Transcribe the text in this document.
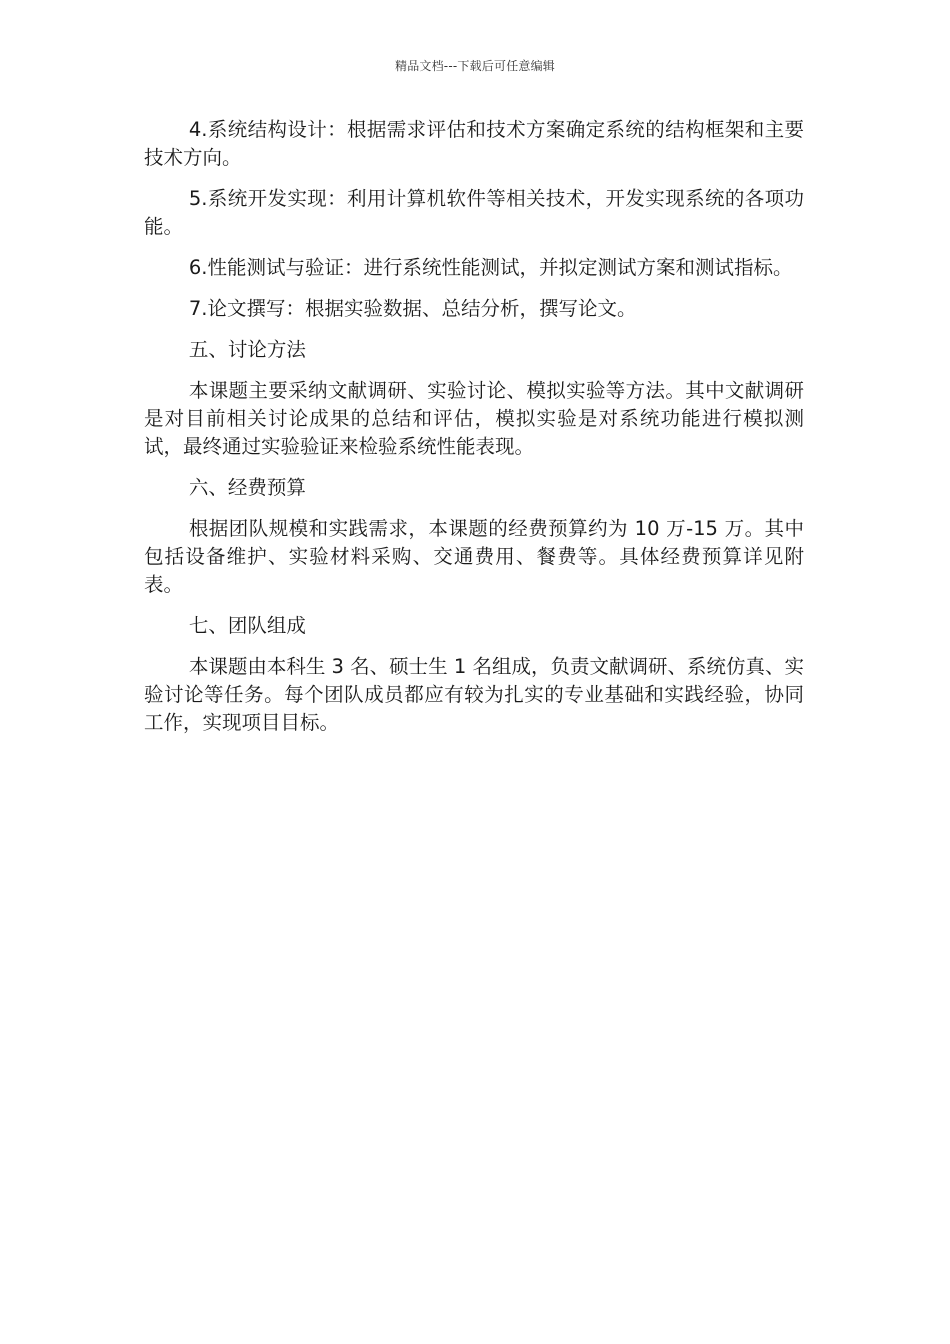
精品文档---下载后可任意编辑

4.系统结构设计：根据需求评估和技术方案确定系统的结构框架和主要技术方向。

5.系统开发实现：利用计算机软件等相关技术，开发实现系统的各项功能。

6.性能测试与验证：进行系统性能测试，并拟定测试方案和测试指标。

7.论文撰写：根据实验数据、总结分析，撰写论文。

五、讨论方法

本课题主要采纳文献调研、实验讨论、模拟实验等方法。其中文献调研是对目前相关讨论成果的总结和评估，模拟实验是对系统功能进行模拟测试，最终通过实验验证来检验系统性能表现。

六、经费预算

根据团队规模和实践需求，本课题的经费预算约为 10 万-15 万。其中包括设备维护、实验材料采购、交通费用、餐费等。具体经费预算详见附表。

七、团队组成

本课题由本科生 3 名、硕士生 1 名组成，负责文献调研、系统仿真、实验讨论等任务。每个团队成员都应有较为扎实的专业基础和实践经验，协同工作，实现项目目标。
